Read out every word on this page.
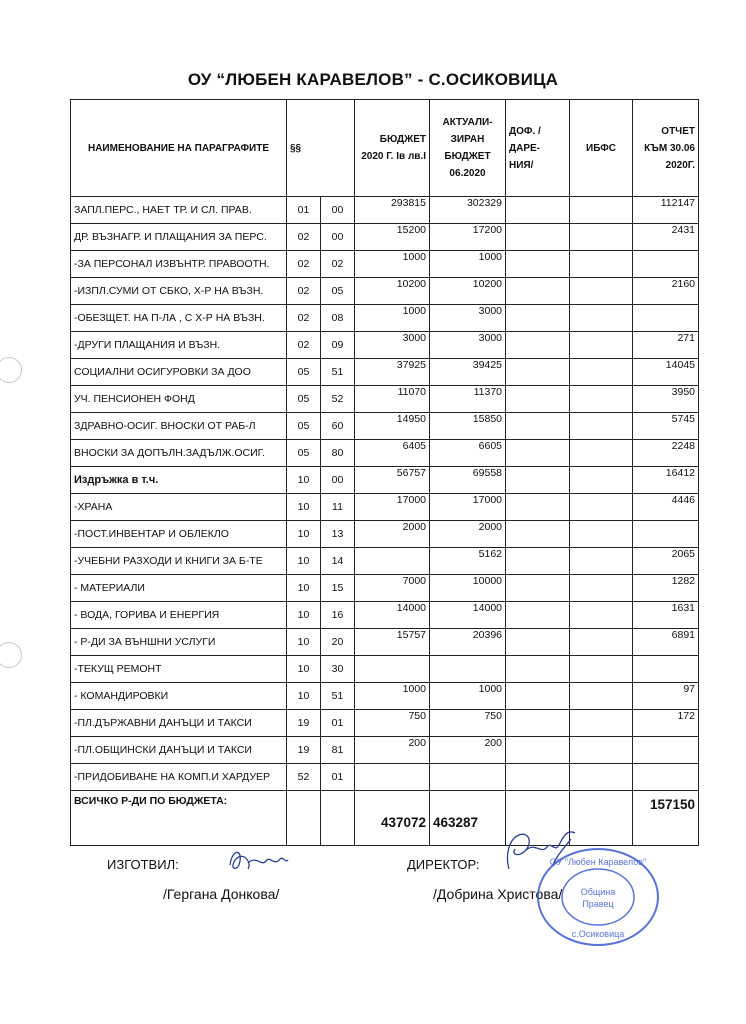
ОУ “ЛЮБЕН КАРАВЕЛОВ” - С.ОСИКОВИЦА
НАИМЕНОВАНИЕ НА ПАРАГРАФИТЕ	§§		БЮДЖЕТ 2020 Г. Iв лв.I	АКТУАЛИ- ЗИРАН БЮДЖЕТ 06.2020	ДОФ. /ДАРЕ- НИЯ/	ИБФС	ОТЧЕТ КЪМ 30.06 2020Г.
ЗАПЛ.ПЕРС., НАЕТ ТР. И СЛ. ПРАВ.	01	00	293815	302329			112147
ДР. ВЪЗНАГР. И ПЛАЩАНИЯ ЗА ПЕРС.	02	00	15200	17200			2431
-ЗА ПЕРСОНАЛ ИЗВЪНТР. ПРАВООТН.	02	02	1000	1000			
-ИЗПЛ.СУМИ ОТ СБКО, Х-Р НА ВЪЗН.	02	05	10200	10200			2160
-ОБЕЗЩЕТ. НА П-ЛА , С Х-Р НА ВЪЗН.	02	08	1000	3000			
-ДРУГИ ПЛАЩАНИЯ И ВЪЗН.	02	09	3000	3000			271
СОЦИАЛНИ ОСИГУРОВКИ ЗА ДОО	05	51	37925	39425			14045
УЧ. ПЕНСИОНЕН ФОНД	05	52	11070	11370			3950
ЗДРАВНО-ОСИГ. ВНОСКИ ОТ РАБ-Л	05	60	14950	15850			5745
ВНОСКИ ЗА ДОПЪЛН.ЗАДЪЛЖ.ОСИГ.	05	80	6405	6605			2248
Издръжка в т.ч.	10	00	56757	69558			16412
-ХРАНА	10	11	17000	17000			4446
-ПОСТ.ИНВЕНТАР И ОБЛЕКЛО	10	13	2000	2000			
-УЧЕБНИ РАЗХОДИ И КНИГИ ЗА Б-ТЕ	10	14		5162			2065
- МАТЕРИАЛИ	10	15	7000	10000			1282
- ВОДА, ГОРИВА И ЕНЕРГИЯ	10	16	14000	14000			1631
- Р-ДИ ЗА ВЪНШНИ УСЛУГИ	10	20	15757	20396			6891
-ТЕКУЩ РЕМОНТ	10	30					
- КОМАНДИРОВКИ	10	51	1000	1000			97
-ПЛ.ДЪРЖАВНИ ДАНЪЦИ И ТАКСИ	19	01	750	750			172
-ПЛ.ОБЩИНСКИ ДАНЪЦИ И ТАКСИ	19	81	200	200			
-ПРИДОБИВАНЕ НА КОМП.И ХАРДУЕР	52	01					
ВСИЧКО Р-ДИ ПО БЮДЖЕТА:			437072	463287			157150
ИЗГОТВИЛ:
/Гергана Донкова/
ДИРЕКТОР:
/Добрина Христова/
ОУ "Любен Каравелов"
Община
Правец
с.Осиковица
